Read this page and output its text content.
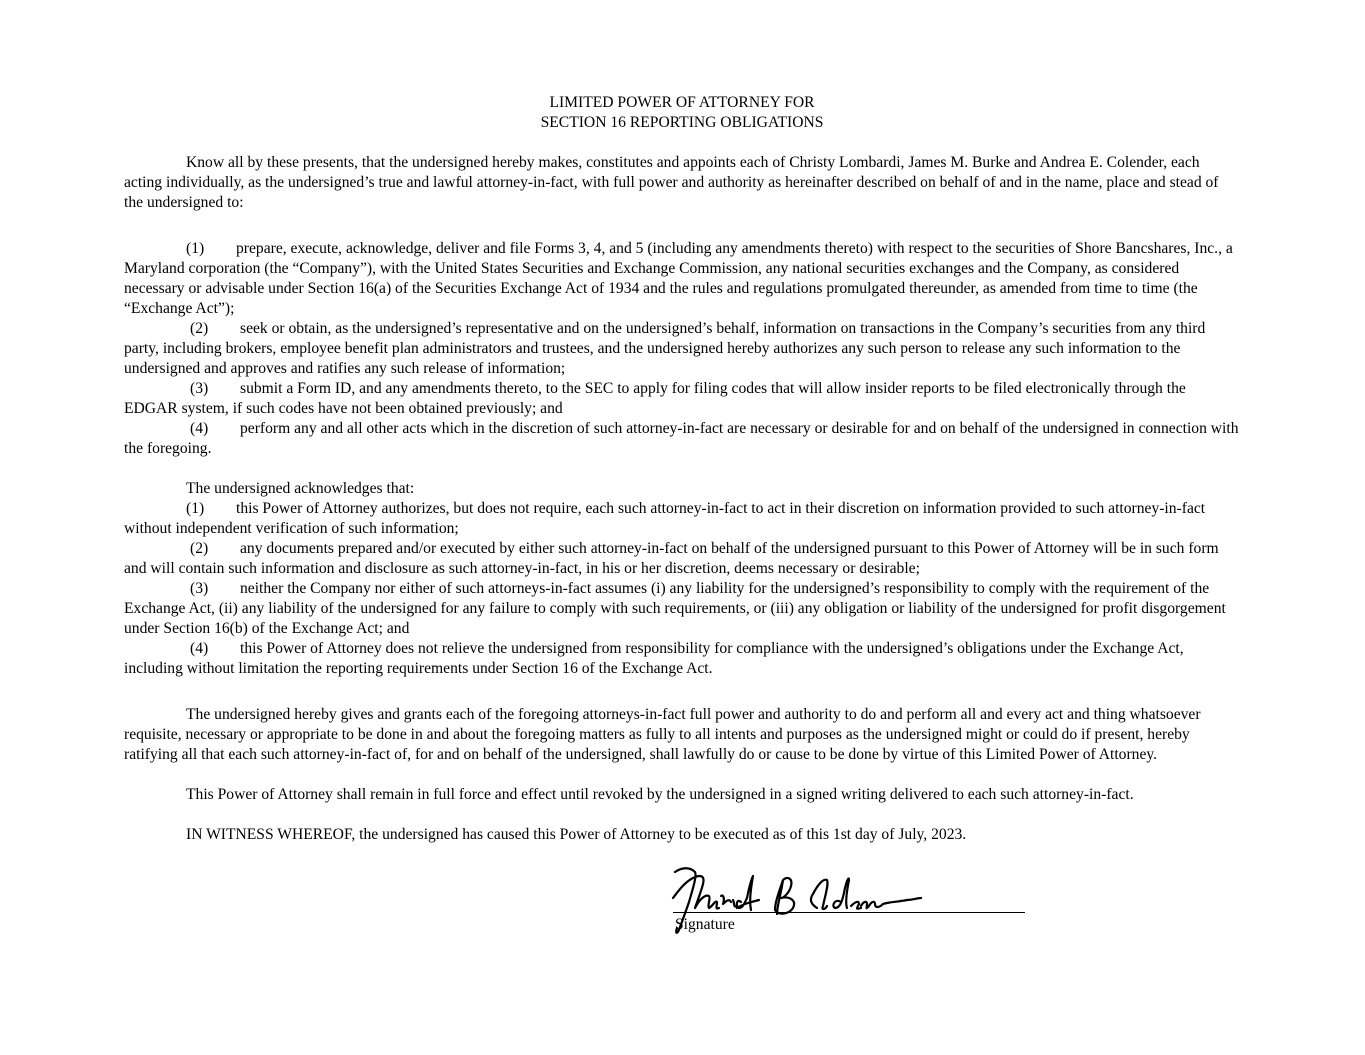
LIMITED POWER OF ATTORNEY FOR

SECTION 16 REPORTING OBLIGATIONS

Know all by these presents, that the undersigned hereby makes, constitutes and appoints each of Christy Lombardi, James M. Burke and Andrea E. Colender, each acting individually, as the undersigned’s true and lawful attorney-in-fact, with full power and authority as hereinafter described on behalf of and in the name, place and stead of the undersigned to:

(1) prepare, execute, acknowledge, deliver and file Forms 3, 4, and 5 (including any amendments thereto) with respect to the securities of Shore Bancshares, Inc., a Maryland corporation (the “Company”), with the United States Securities and Exchange Commission, any national securities exchanges and the Company, as considered necessary or advisable under Section 16(a) of the Securities Exchange Act of 1934 and the rules and regulations promulgated thereunder, as amended from time to time (the “Exchange Act”);

(2) seek or obtain, as the undersigned’s representative and on the undersigned’s behalf, information on transactions in the Company’s securities from any third party, including brokers, employee benefit plan administrators and trustees, and the undersigned hereby authorizes any such person to release any such information to the undersigned and approves and ratifies any such release of information;

(3) submit a Form ID, and any amendments thereto, to the SEC to apply for filing codes that will allow insider reports to be filed electronically through the EDGAR system, if such codes have not been obtained previously; and

(4) perform any and all other acts which in the discretion of such attorney-in-fact are necessary or desirable for and on behalf of the undersigned in connection with the foregoing.

The undersigned acknowledges that:

(1) this Power of Attorney authorizes, but does not require, each such attorney-in-fact to act in their discretion on information provided to such attorney-in-fact without independent verification of such information;

(2) any documents prepared and/or executed by either such attorney-in-fact on behalf of the undersigned pursuant to this Power of Attorney will be in such form and will contain such information and disclosure as such attorney-in-fact, in his or her discretion, deems necessary or desirable;

(3) neither the Company nor either of such attorneys-in-fact assumes (i) any liability for the undersigned’s responsibility to comply with the requirement of the Exchange Act, (ii) any liability of the undersigned for any failure to comply with such requirements, or (iii) any obligation or liability of the undersigned for profit disgorgement under Section 16(b) of the Exchange Act; and

(4) this Power of Attorney does not relieve the undersigned from responsibility for compliance with the undersigned’s obligations under the Exchange Act, including without limitation the reporting requirements under Section 16 of the Exchange Act.

The undersigned hereby gives and grants each of the foregoing attorneys-in-fact full power and authority to do and perform all and every act and thing whatsoever requisite, necessary or appropriate to be done in and about the foregoing matters as fully to all intents and purposes as the undersigned might or could do if present, hereby ratifying all that each such attorney-in-fact of, for and on behalf of the undersigned, shall lawfully do or cause to be done by virtue of this Limited Power of Attorney.

This Power of Attorney shall remain in full force and effect until revoked by the undersigned in a signed writing delivered to each such attorney-in-fact.

IN WITNESS WHEREOF, the undersigned has caused this Power of Attorney to be executed as of this 1st day of July, 2023.

Signature
